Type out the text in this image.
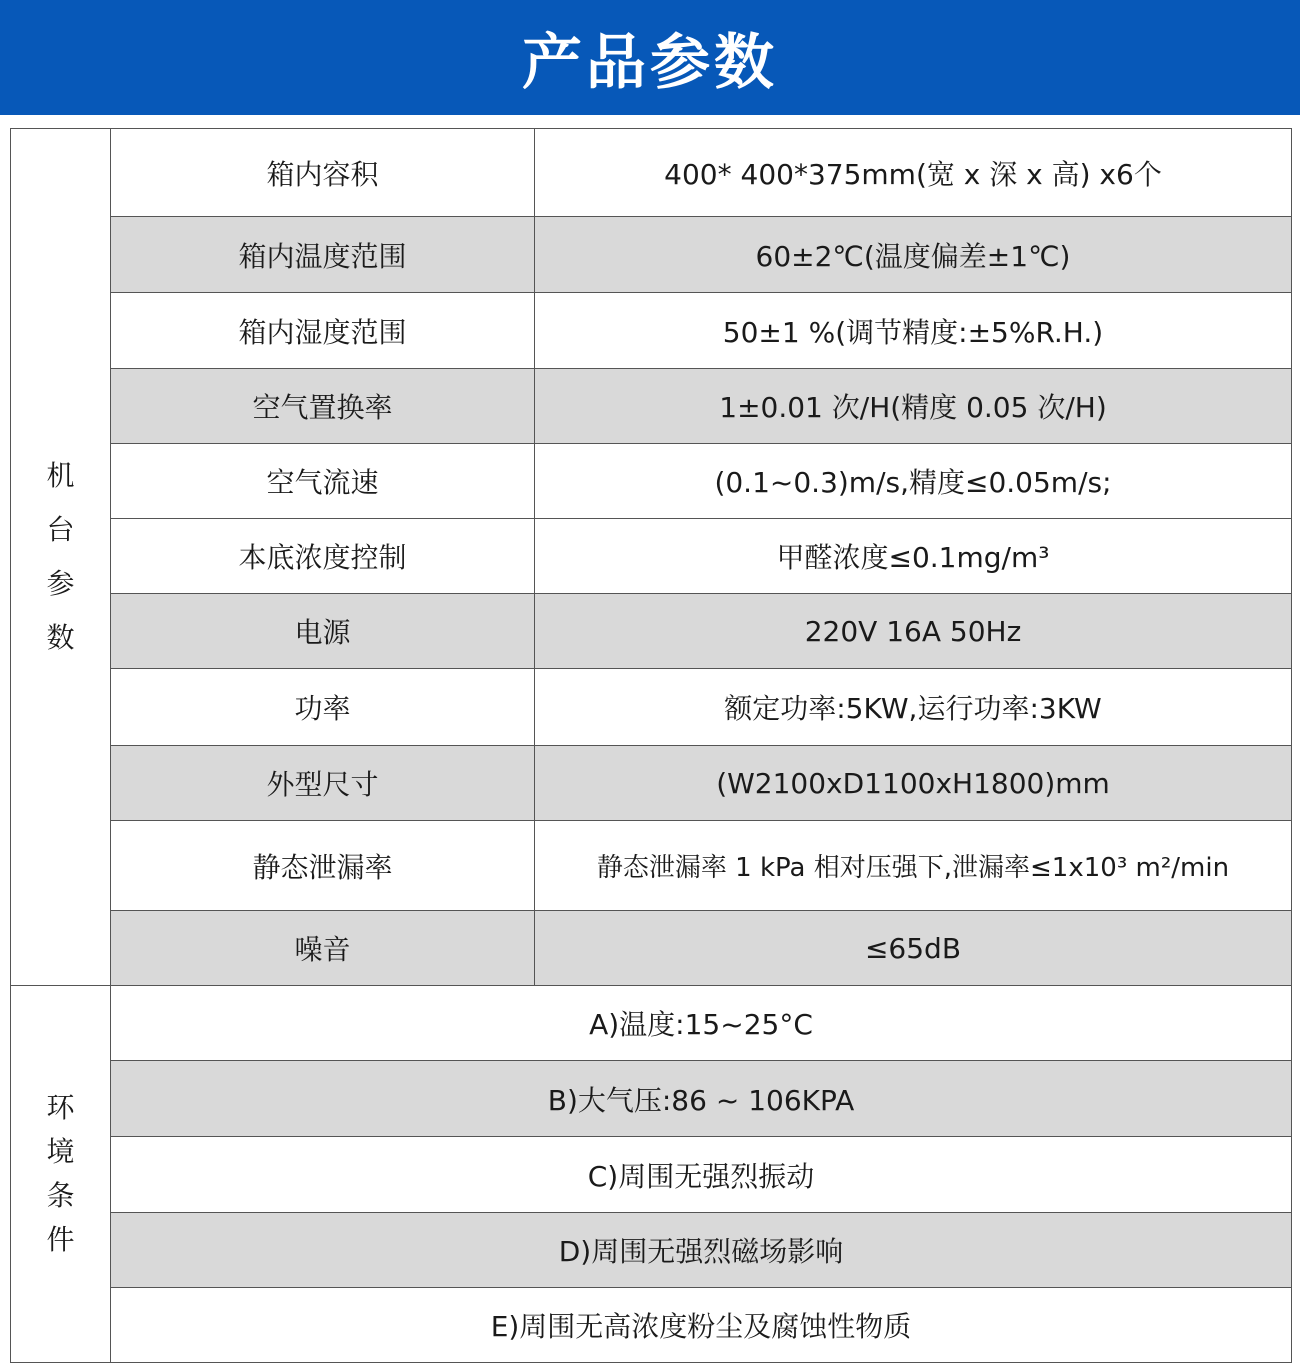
产品参数
机
台
参
数	箱内容积	400* 400*375mm(宽 x 深 x 高) x6个
	箱内温度范围	60±2℃(温度偏差±1℃)
	箱内湿度范围	50±1 %(调节精度:±5%R.H.)
	空气置换率	1±0.01 次/H(精度 0.05 次/H)
	空气流速	(0.1~0.3)m/s,精度≤0.05m/s;
	本底浓度控制	甲醛浓度≤0.1mg/m³
	电源	220V 16A 50Hz
	功率	额定功率:5KW,运行功率:3KW
	外型尺寸	(W2100xD1100xH1800)mm
	静态泄漏率	静态泄漏率 1 kPa 相对压强下,泄漏率≤1x10³ m²/min
	噪音	≤65dB

环
境
条
件	A)温度:15~25°C	
	B)大气压:86 ~ 106KPA	
	C)周围无强烈振动	
	D)周围无强烈磁场影响	
	E)周围无高浓度粉尘及腐蚀性物质	
